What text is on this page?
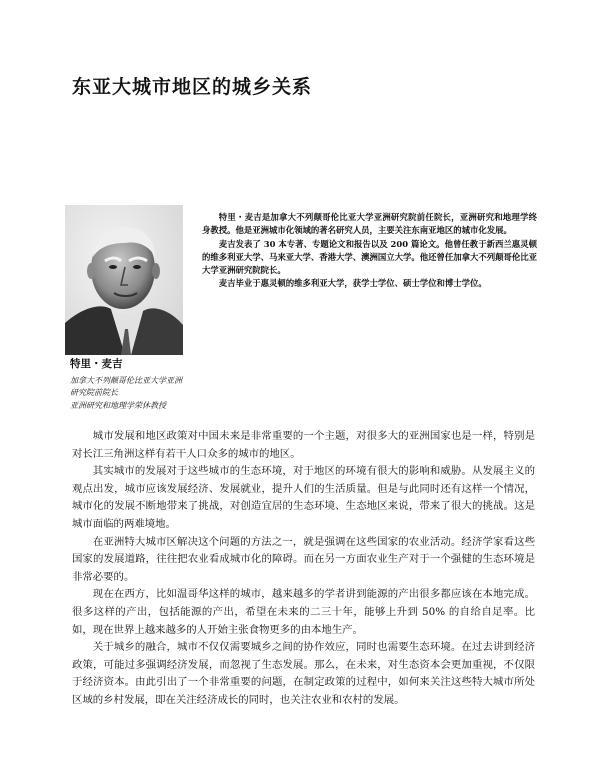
东亚大城市地区的城乡关系

特里・麦吉是加拿大不列颠哥伦比亚大学亚洲研究院前任院长，亚洲研究和地理学终身教授。他是亚洲城市化领域的著名研究人员，主要关注东南亚地区的城市化发展。

麦吉发表了 30 本专著、专题论文和报告以及 200 篇论文。他曾任教于新西兰惠灵顿的维多利亚大学、马来亚大学、香港大学、澳洲国立大学。他还曾任加拿大不列颠哥伦比亚大学亚洲研究院院长。

麦吉毕业于惠灵顿的维多利亚大学，获学士学位、硕士学位和博士学位。

特里・麦吉
加拿大不列颠哥伦比亚大学亚洲
研究院前院长
亚洲研究和地理学荣休教授

城市发展和地区政策对中国未来是非常重要的一个主题，对很多大的亚洲国家也是一样，特别是对长江三角洲这样有若干人口众多的城市的地区。

其实城市的发展对于这些城市的生态环境，对于地区的环境有很大的影响和威胁。从发展主义的观点出发，城市应该发展经济、发展就业，提升人们的生活质量。但是与此同时还有这样一个情况，城市化的发展不断地带来了挑战，对创造宜居的生态环境、生态地区来说，带来了很大的挑战。这是城市面临的两难境地。

在亚洲特大城市区解决这个问题的方法之一，就是强调在这些国家的农业活动。经济学家看这些国家的发展道路，往往把农业看成城市化的障碍。而在另一方面农业生产对于一个强健的生态环境是非常必要的。

现在在西方，比如温哥华这样的城市，越来越多的学者讲到能源的产出很多都应该在本地完成。很多这样的产出，包括能源的产出，希望在未来的二三十年，能够上升到 50% 的自给自足率。比如，现在世界上越来越多的人开始主张食物更多的由本地生产。

关于城乡的融合，城市不仅仅需要城乡之间的协作效应，同时也需要生态环境。在过去讲到经济政策，可能过多强调经济发展，而忽视了生态发展。那么，在未来，对生态资本会更加重视，不仅限于经济资本。由此引出了一个非常重要的问题，在制定政策的过程中，如何来关注这些特大城市所处区域的乡村发展，即在关注经济成长的同时，也关注农业和农村的发展。
